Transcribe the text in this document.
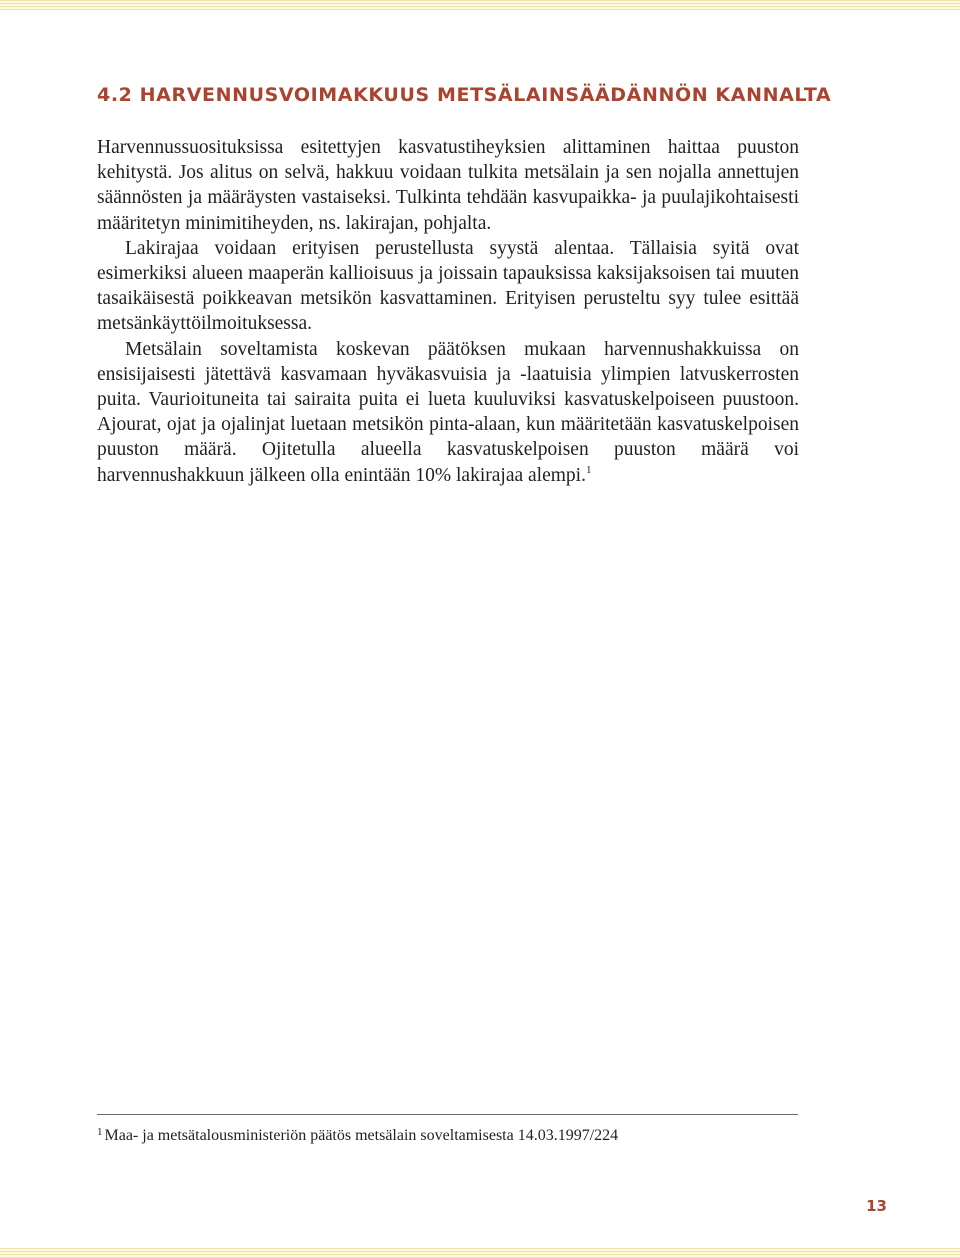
4.2 HARVENNUSVOIMAKKUUS METSÄLAINSÄÄDÄNNÖN KANNALTA

Harvennussuosituksissa esitettyjen kasvatustiheyksien alittaminen haittaa puuston kehitystä. Jos alitus on selvä, hakkuu voidaan tulkita metsälain ja sen nojalla annettujen säännösten ja määräysten vastaiseksi. Tulkinta tehdään kasvupaikka- ja puulajikohtaisesti määritetyn minimitiheyden, ns. lakirajan, pohjalta.

Lakirajaa voidaan erityisen perustellusta syystä alentaa. Tällaisia syitä ovat esimerkiksi alueen maaperän kallioisuus ja joissain tapauksissa kaksijaksoisen tai muuten tasaikäisestä poikkeavan metsikön kasvattaminen. Erityisen perusteltu syy tulee esittää metsänkäyttöilmoituksessa.

Metsälain soveltamista koskevan päätöksen mukaan harvennushakkuissa on ensisijaisesti jätettävä kasvamaan hyväkasvuisia ja -laatuisia ylimpien latvuskerrosten puita. Vaurioituneita tai sairaita puita ei lueta kuuluviksi kasvatuskelpoiseen puustoon. Ajourat, ojat ja ojalinjat luetaan metsikön pinta-alaan, kun määritetään kasvatuskelpoisen puuston määrä. Ojitetulla alueella kasvatuskelpoisen puuston määrä voi harvennushakkuun jälkeen olla enintään 10% lakirajaa alempi.$^1$

$^1$ Maa- ja metsätalousministeriön päätös metsälain soveltamisesta 14.03.1997/224

13
